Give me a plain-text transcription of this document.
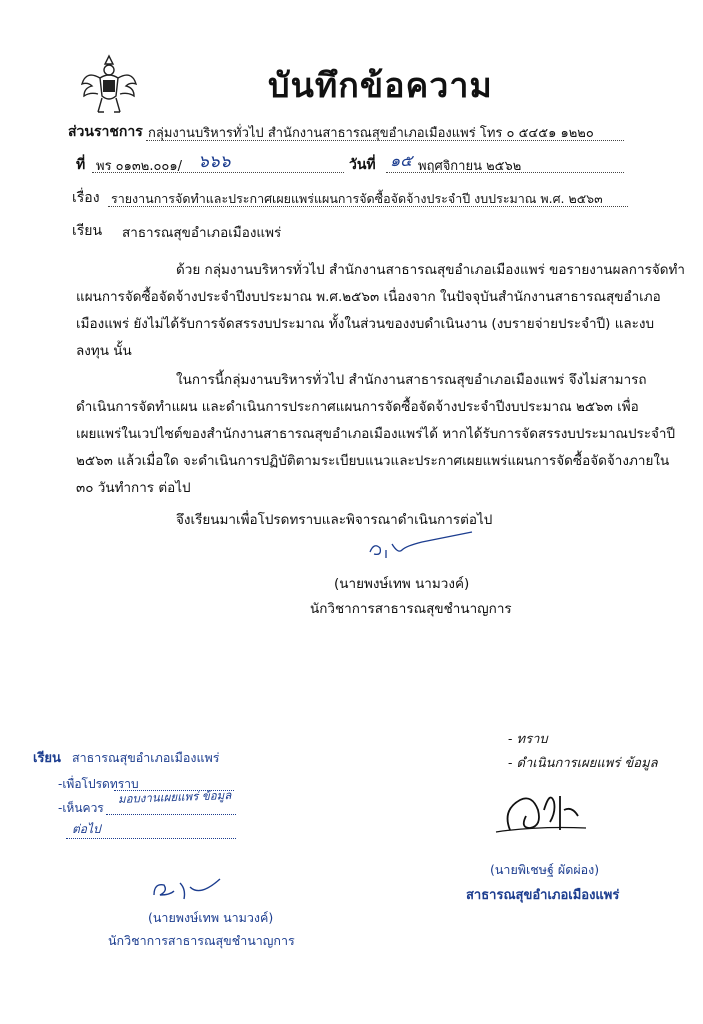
บันทึกข้อความ
ส่วนราชการ กลุ่มงานบริหารทั่วไป สำนักงานสาธารณสุขอำเภอเมืองแพร่ โทร ๐ ๕๔๕๑ ๑๒๒๐
ที่ พร ๐๑๓๒.๐๐๑/ ๖๖๖	วันที่ ๑๕ พฤศจิกายน ๒๕๖๒
เรื่อง รายงานการจัดทำและประกาศเผยแพร่แผนการจัดซื้อจัดจ้างประจำปี งบประมาณ พ.ศ. ๒๕๖๓
เรียน สาธารณสุขอำเภอเมืองแพร่
ด้วย กลุ่มงานบริหารทั่วไป สำนักงานสาธารณสุขอำเภอเมืองแพร่ ขอรายงานผลการจัดทำ
แผนการจัดซื้อจัดจ้างประจำปีงบประมาณ พ.ศ.๒๕๖๓ เนื่องจาก ในปัจจุบันสำนักงานสาธารณสุขอำเภอ
เมืองแพร่ ยังไม่ได้รับการจัดสรรงบประมาณ ทั้งในส่วนของงบดำเนินงาน (งบรายจ่ายประจำปี) และงบ
ลงทุน นั้น
ในการนี้กลุ่มงานบริหารทั่วไป สำนักงานสาธารณสุขอำเภอเมืองแพร่ จึงไม่สามารถ
ดำเนินการจัดทำแผน และดำเนินการประกาศแผนการจัดซื้อจัดจ้างประจำปีงบประมาณ ๒๕๖๓ เพื่อ
เผยแพร่ในเวปไซต์ของสำนักงานสาธารณสุขอำเภอเมืองแพร่ได้ หากได้รับการจัดสรรงบประมาณประจำปี
๒๕๖๓ แล้วเมื่อใด จะดำเนินการปฏิบัติตามระเบียบแนวและประกาศเผยแพร่แผนการจัดซื้อจัดจ้างภายใน
๓๐ วันทำการ ต่อไป
จึงเรียนมาเพื่อโปรดทราบและพิจารณาดำเนินการต่อไป
(นายพงษ์เทพ นามวงค์)
นักวิชาการสาธารณสุขชำนาญการ
เรียน สาธารณสุขอำเภอเมืองแพร่
-เพื่อโปรดทราบ
-เห็นควร
มอบงานเผยแพร่ ข้อมูล
ต่อไป
(นายพงษ์เทพ นามวงค์)
นักวิชาการสาธารณสุขชำนาญการ
- ทราบ
- ดำเนินการเผยแพร่ ข้อมูล
(นายพิเชษฐ์ ผัดผ่อง)
สาธารณสุขอำเภอเมืองแพร่
